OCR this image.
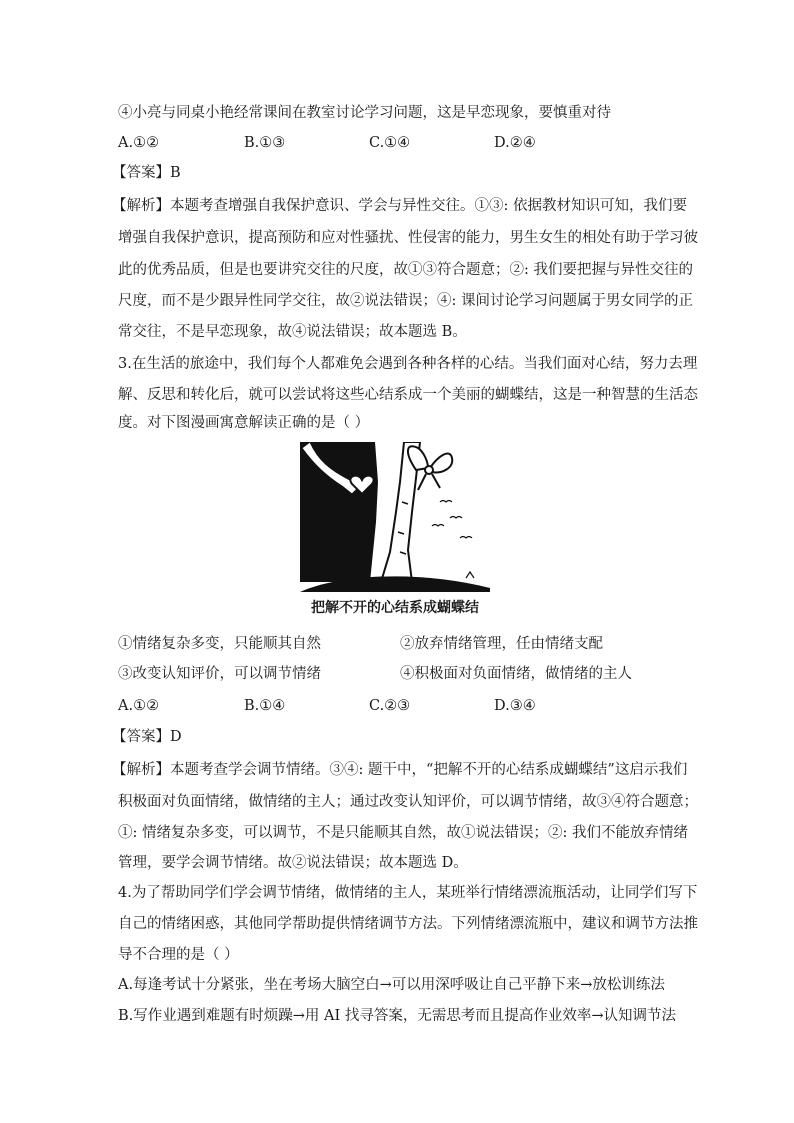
④小亮与同桌小艳经常课间在教室讨论学习问题，这是早恋现象，要慎重对待
A.①②	B.①③	C.①④	D.②④
【答案】B
【解析】本题考查增强自我保护意识、学会与异性交往。①③: 依据教材知识可知，我们要
增强自我保护意识，提高预防和应对性骚扰、性侵害的能力，男生女生的相处有助于学习彼
此的优秀品质，但是也要讲究交往的尺度，故①③符合题意；②: 我们要把握与异性交往的
尺度，而不是少跟异性同学交往，故②说法错误；④: 课间讨论学习问题属于男女同学的正
常交往，不是早恋现象，故④说法错误；故本题选 B。
3.在生活的旅途中，我们每个人都难免会遇到各种各样的心结。当我们面对心结，努力去理
解、反思和转化后，就可以尝试将这些心结系成一个美丽的蝴蝶结，这是一种智慧的生活态
度。对下图漫画寓意解读正确的是（ ）
把解不开的心结系成蝴蝶结
①情绪复杂多变，只能顺其自然	②放弃情绪管理，任由情绪支配
③改变认知评价，可以调节情绪	④积极面对负面情绪，做情绪的主人
A.①②	B.①④	C.②③	D.③④
【答案】D
【解析】本题考查学会调节情绪。③④: 题干中，“把解不开的心结系成蝴蝶结”这启示我们
积极面对负面情绪，做情绪的主人；通过改变认知评价，可以调节情绪，故③④符合题意；
①: 情绪复杂多变，可以调节，不是只能顺其自然，故①说法错误；②: 我们不能放弃情绪
管理，要学会调节情绪。故②说法错误；故本题选 D。
4.为了帮助同学们学会调节情绪，做情绪的主人，某班举行情绪漂流瓶活动，让同学们写下
自己的情绪困惑，其他同学帮助提供情绪调节方法。下列情绪漂流瓶中，建议和调节方法推
导不合理的是（ ）
A.每逢考试十分紧张，坐在考场大脑空白→可以用深呼吸让自己平静下来→放松训练法
B.写作业遇到难题有时烦躁→用 AI 找寻答案，无需思考而且提高作业效率→认知调节法
